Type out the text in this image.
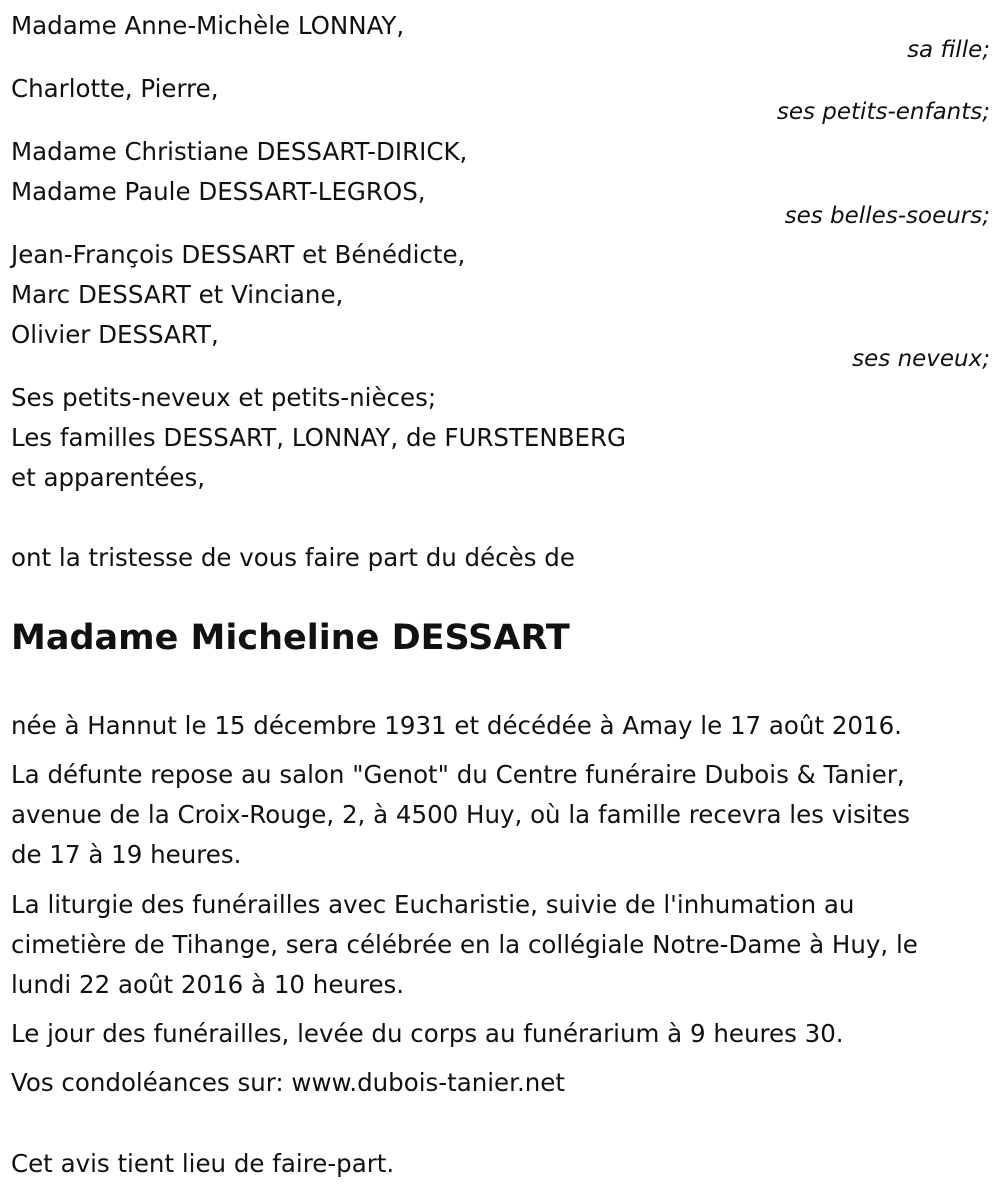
Madame Anne-Michèle LONNAY,

sa fille;

Charlotte, Pierre,

ses petits-enfants;

Madame Christiane DESSART-DIRICK,

Madame Paule DESSART-LEGROS,

ses belles-soeurs;

Jean-François DESSART et Bénédicte,

Marc DESSART et Vinciane,

Olivier DESSART,

ses neveux;

Ses petits-neveux et petits-nièces;

Les familles DESSART, LONNAY, de FURSTENBERG

et apparentées,

ont la tristesse de vous faire part du décès de

Madame Micheline DESSART

née à Hannut le 15 décembre 1931 et décédée à Amay le 17 août 2016.

La défunte repose au salon "Genot" du Centre funéraire Dubois & Tanier,

avenue de la Croix-Rouge, 2, à 4500 Huy, où la famille recevra les visites

de 17 à 19 heures.

La liturgie des funérailles avec Eucharistie, suivie de l'inhumation au

cimetière de Tihange, sera célébrée en la collégiale Notre-Dame à Huy, le

lundi 22 août 2016 à 10 heures.

Le jour des funérailles, levée du corps au funérarium à 9 heures 30.

Vos condoléances sur: www.dubois-tanier.net

Cet avis tient lieu de faire-part.
